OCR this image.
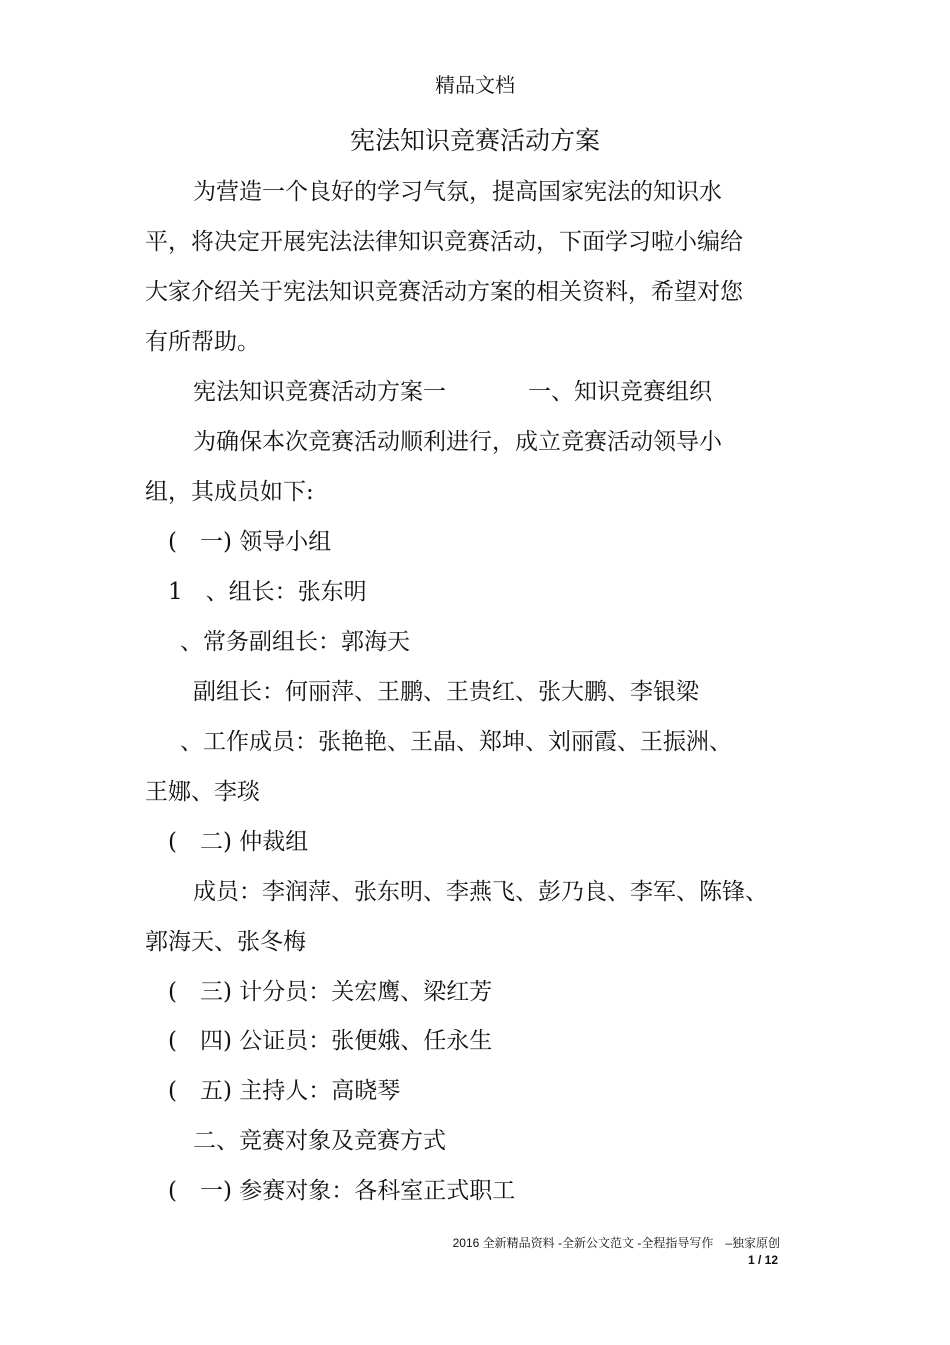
精品文档
宪法知识竞赛活动方案
为营造一个良好的学习气氛，提高国家宪法的知识水
平，将决定开展宪法法律知识竞赛活动，下面学习啦小编给
大家介绍关于宪法知识竞赛活动方案的相关资料，希望对您
有所帮助。
宪法知识竞赛活动方案一	一、知识竞赛组织
为确保本次竞赛活动顺利进行，成立竞赛活动领导小
组，其成员如下:
(　一) 领导小组
1　、组长：张东明
、常务副组长：郭海天
副组长：何丽萍、王鹏、王贵红、张大鹏、李银梁
、工作成员：张艳艳、王晶、郑坤、刘丽霞、王振洲、
王娜、李琰
(　二) 仲裁组
成员：李润萍、张东明、李燕飞、彭乃良、李军、陈锋、
郭海天、张冬梅
(　三) 计分员：关宏鹰、梁红芳
(　四) 公证员：张便娥、任永生
(　五) 主持人：高晓琴
二、竞赛对象及竞赛方式
(　一) 参赛对象：各科室正式职工
2016 全新精品资料 -全新公文范文 -全程指导写作　–独家原创
1 / 12
